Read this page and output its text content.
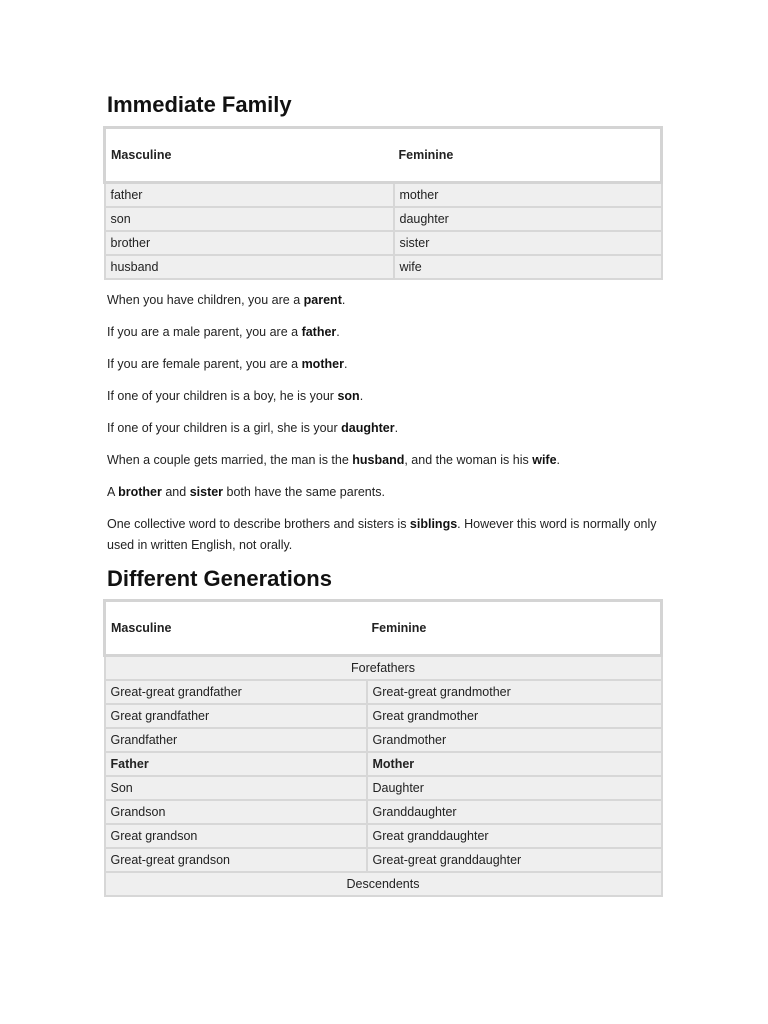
Immediate Family
Masculine	Feminine
father	mother
son	daughter
brother	sister
husband	wife

When you have children, you are a parent.

If you are a male parent, you are a father.

If you are female parent, you are a mother.

If one of your children is a boy, he is your son.

If one of your children is a girl, she is your daughter.

When a couple gets married, the man is the husband, and the woman is his wife.

A brother and sister both have the same parents.

One collective word to describe brothers and sisters is siblings. However this word is normally only used in written English, not orally.

Different Generations
Masculine	Feminine
Forefathers	
Great-great grandfather	Great-great grandmother
Great grandfather	Great grandmother
Grandfather	Grandmother
Father	Mother
Son	Daughter
Grandson	Granddaughter
Great grandson	Great granddaughter
Great-great grandson	Great-great granddaughter
Descendents	
